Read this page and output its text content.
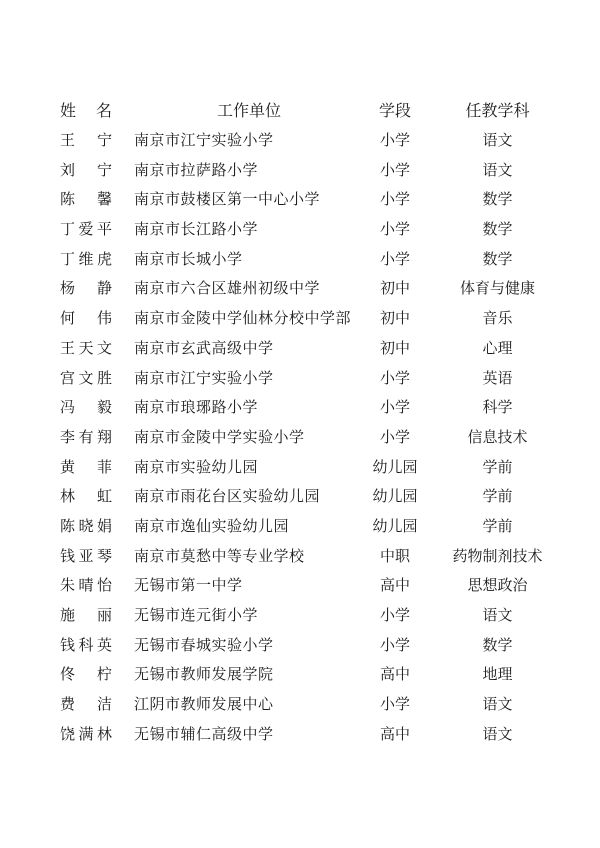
姓名	工作单位	学段	任教学科
王宁 南京市江宁实验小学	小学	语文
刘宁 南京市拉萨路小学	小学	语文
陈馨 南京市鼓楼区第一中心小学	小学	数学
丁爱平 南京市长江路小学	小学	数学
丁维虎 南京市长城小学	小学	数学
杨静 南京市六合区雄州初级中学	初中	体育与健康
何伟 南京市金陵中学仙林分校中学部	初中	音乐
王天文 南京市玄武高级中学	初中	心理
宫文胜 南京市江宁实验小学	小学	英语
冯毅 南京市琅琊路小学	小学	科学
李有翔 南京市金陵中学实验小学	小学	信息技术
黄菲 南京市实验幼儿园	幼儿园	学前
林虹 南京市雨花台区实验幼儿园	幼儿园	学前
陈晓娟 南京市逸仙实验幼儿园	幼儿园	学前
钱亚琴 南京市莫愁中等专业学校	中职	药物制剂技术
朱晴怡 无锡市第一中学	高中	思想政治
施丽 无锡市连元街小学	小学	语文
钱科英 无锡市春城实验小学	小学	数学
佟柠 无锡市教师发展学院	高中	地理
费洁 江阴市教师发展中心	小学	语文
饶满林 无锡市辅仁高级中学	高中	语文
